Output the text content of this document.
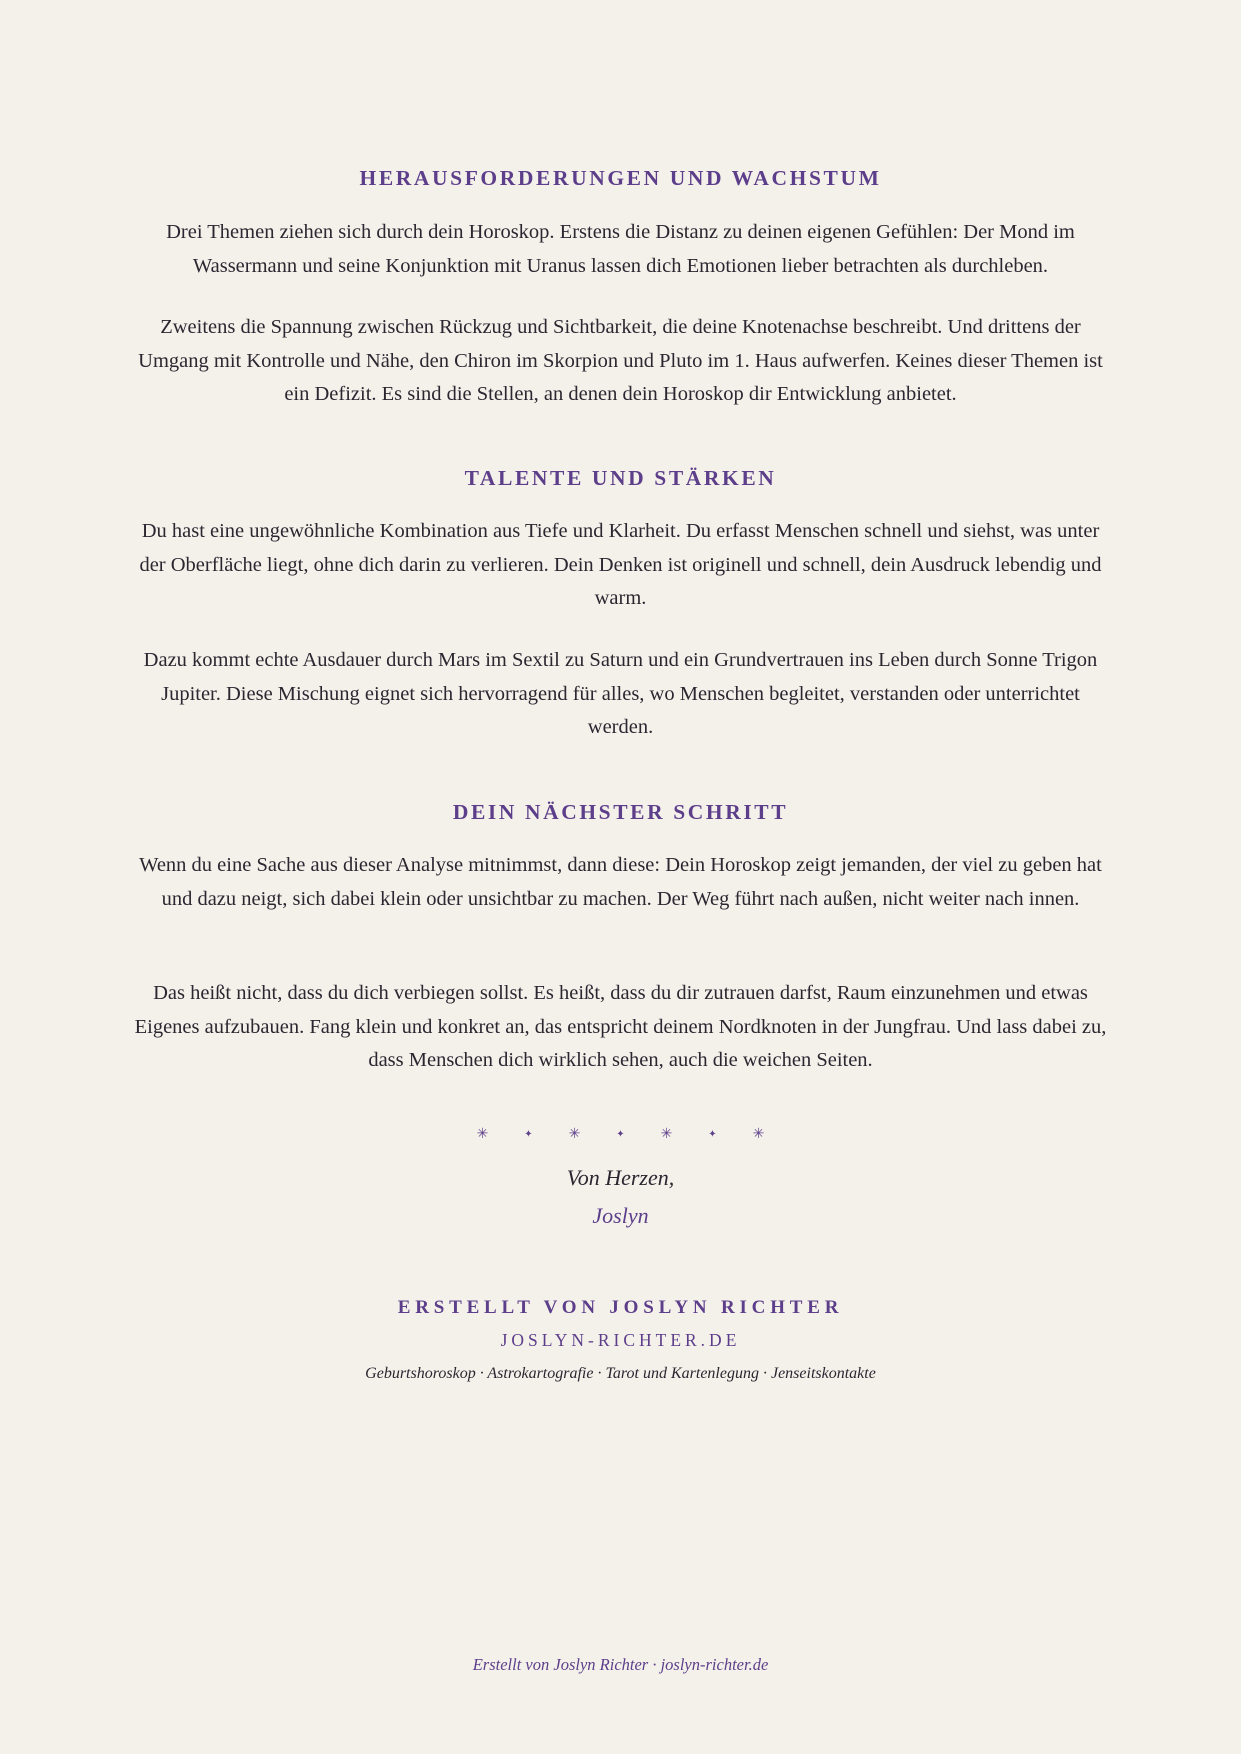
HERAUSFORDERUNGEN UND WACHSTUM

Drei Themen ziehen sich durch dein Horoskop. Erstens die Distanz zu deinen eigenen Gefühlen: Der Mond im Wassermann und seine Konjunktion mit Uranus lassen dich Emotionen lieber betrachten als durchleben.

Zweitens die Spannung zwischen Rückzug und Sichtbarkeit, die deine Knotenachse beschreibt. Und drittens der Umgang mit Kontrolle und Nähe, den Chiron im Skorpion und Pluto im 1. Haus aufwerfen. Keines dieser Themen ist ein Defizit. Es sind die Stellen, an denen dein Horoskop dir Entwicklung anbietet.

TALENTE UND STÄRKEN

Du hast eine ungewöhnliche Kombination aus Tiefe und Klarheit. Du erfasst Menschen schnell und siehst, was unter der Oberfläche liegt, ohne dich darin zu verlieren. Dein Denken ist originell und schnell, dein Ausdruck lebendig und warm.

Dazu kommt echte Ausdauer durch Mars im Sextil zu Saturn und ein Grundvertrauen ins Leben durch Sonne Trigon Jupiter. Diese Mischung eignet sich hervorragend für alles, wo Menschen begleitet, verstanden oder unterrichtet werden.

DEIN NÄCHSTER SCHRITT

Wenn du eine Sache aus dieser Analyse mitnimmst, dann diese: Dein Horoskop zeigt jemanden, der viel zu geben hat und dazu neigt, sich dabei klein oder unsichtbar zu machen. Der Weg führt nach außen, nicht weiter nach innen.

Das heißt nicht, dass du dich verbiegen sollst. Es heißt, dass du dir zutrauen darfst, Raum einzunehmen und etwas Eigenes aufzubauen. Fang klein und konkret an, das entspricht deinem Nordknoten in der Jungfrau. Und lass dabei zu, dass Menschen dich wirklich sehen, auch die weichen Seiten.

✳	✦	✳	✦	✳	✦	✳
Von Herzen,
Joslyn
ERSTELLT VON JOSLYN RICHTER
JOSLYN-RICHTER.DE
Geburtshoroskop · Astrokartografie · Tarot und Kartenlegung · Jenseitskontakte
Erstellt von Joslyn Richter · joslyn-richter.de
